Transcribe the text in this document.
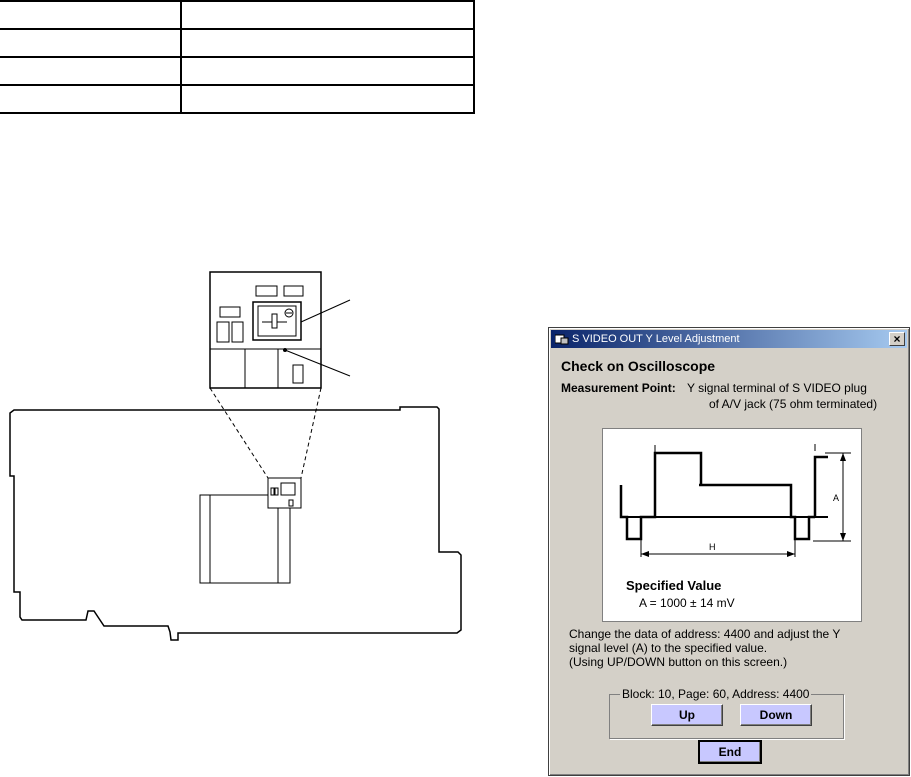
S VIDEO OUT Y Level Adjustment	×
Check on Oscilloscope
Measurement Point: Y signal terminal of S VIDEO plug
of A/V jack (75 ohm terminated)
H
A
Specified Value
A = 1000 ± 14 mV
Change the data of address: 4400 and adjust the Y
signal level (A) to the specified value.
(Using UP/DOWN button on this screen.)
Block: 10, Page: 60, Address: 4400
Up	Down
End
